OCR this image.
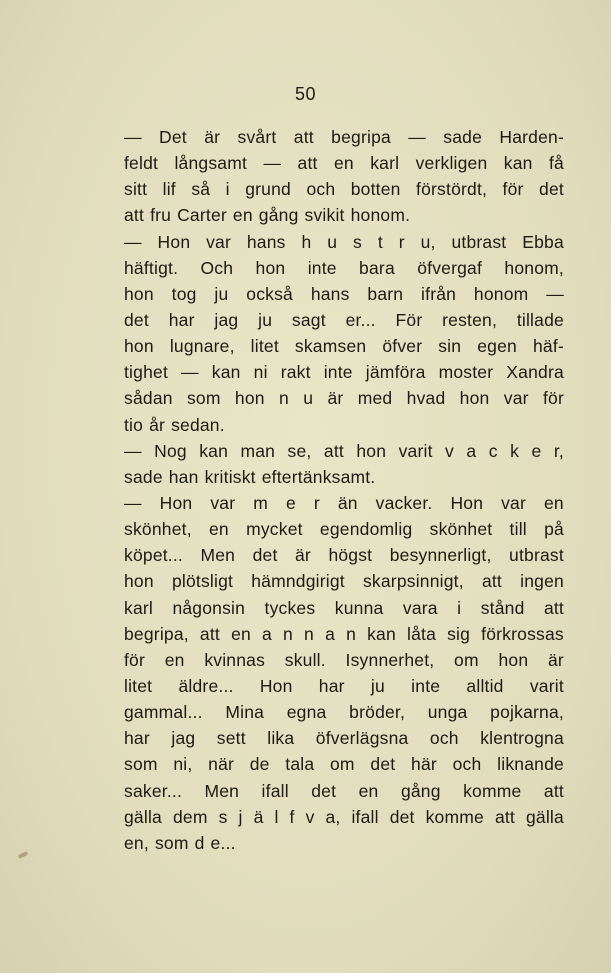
50
— Det är svårt att begripa — sade Harden-
feldt långsamt — att en karl verkligen kan få
sitt lif så i grund och botten förstördt, för det
att fru Carter en gång svikit honom.
— Hon var hans h u s t r u, utbrast Ebba
häftigt. Och hon inte bara öfvergaf honom,
hon tog ju också hans barn ifrån honom —
det har jag ju sagt er... För resten, tillade
hon lugnare, litet skamsen öfver sin egen häf-
tighet — kan ni rakt inte jämföra moster Xandra
sådan som hon n u är med hvad hon var för
tio år sedan.
— Nog kan man se, att hon varit v a c k e r,
sade han kritiskt eftertänksamt.
— Hon var m e r än vacker. Hon var en
skönhet, en mycket egendomlig skönhet till på
köpet... Men det är högst besynnerligt, utbrast
hon plötsligt hämndgirigt skarpsinnigt, att ingen
karl någonsin tyckes kunna vara i stånd att
begripa, att en a n n a n kan låta sig förkrossas
för en kvinnas skull. Isynnerhet, om hon är
litet äldre... Hon har ju inte alltid varit
gammal... Mina egna bröder, unga pojkarna,
har jag sett lika öfverlägsna och klentrogna
som ni, när de tala om det här och liknande
saker... Men ifall det en gång komme att
gälla dem s j ä l f v a, ifall det komme att gälla
en, som d e...
